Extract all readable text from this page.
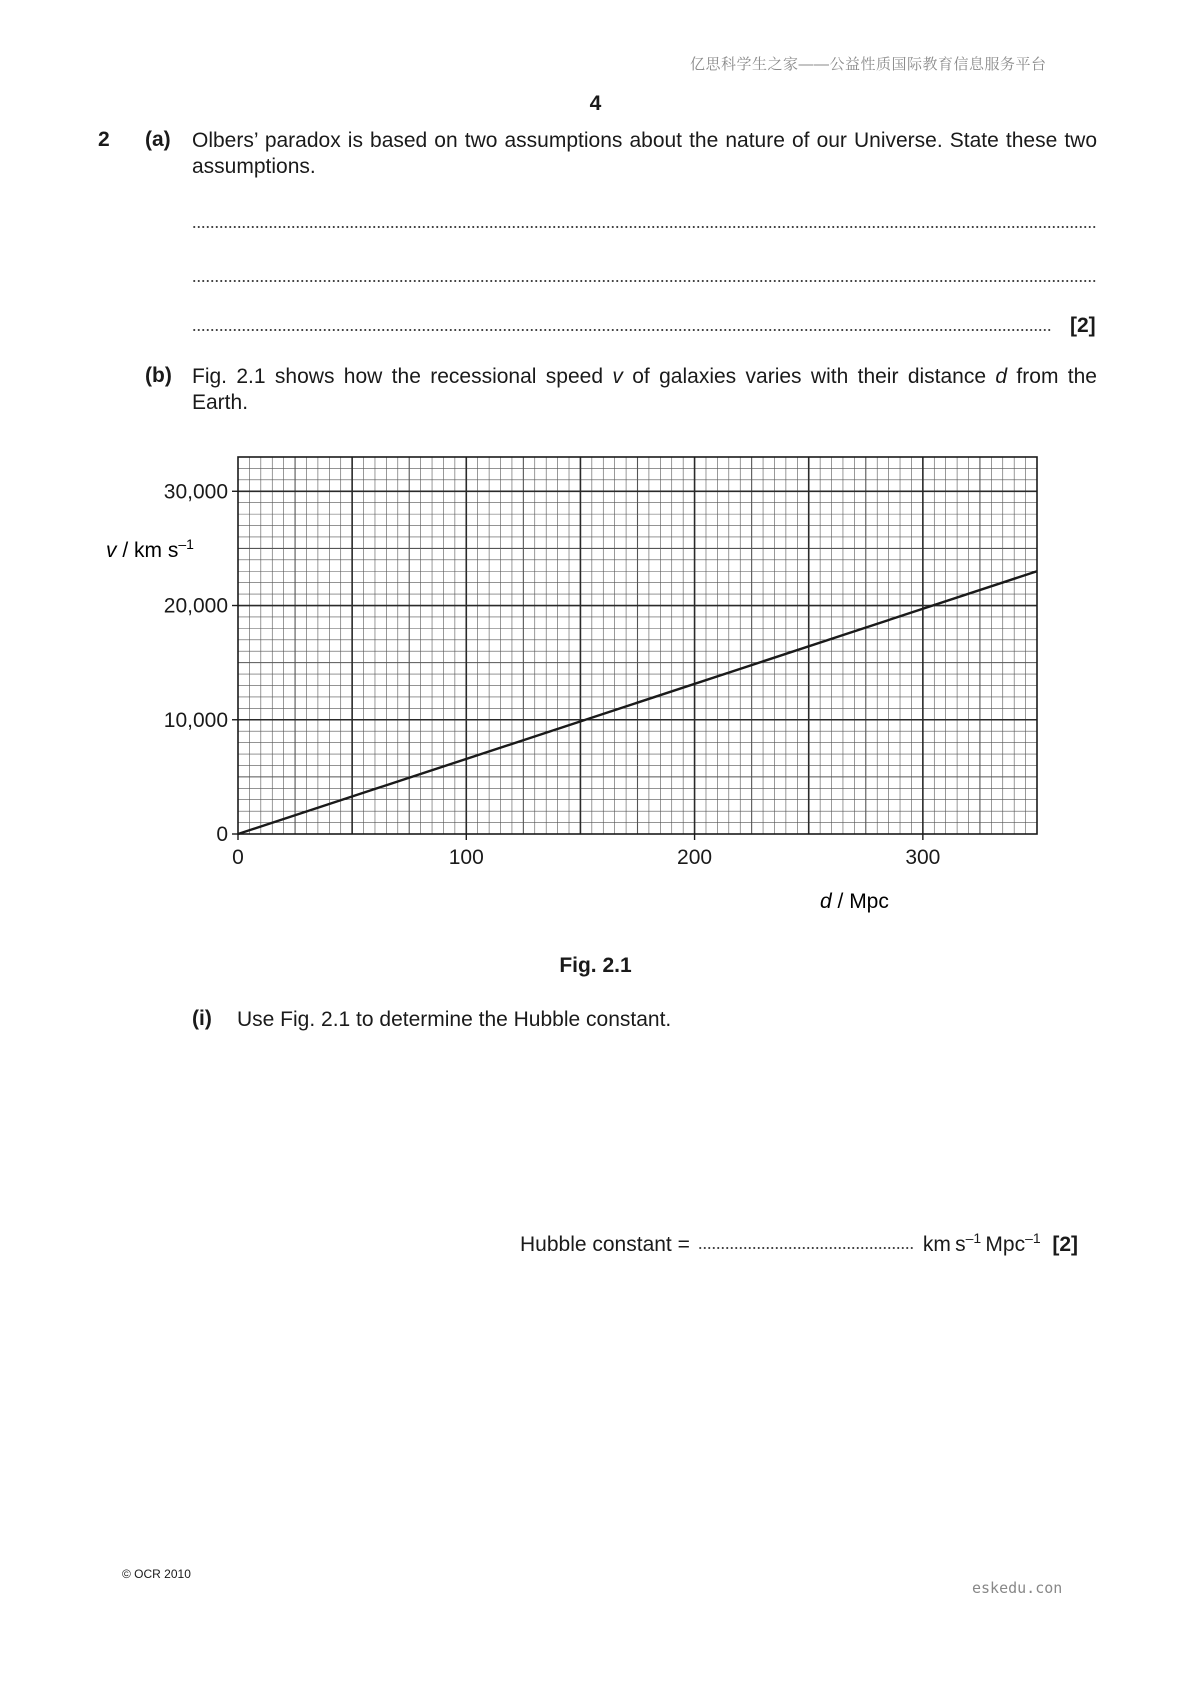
亿思科学生之家——公益性质国际教育信息服务平台
4
2 (a) Olbers’ paradox is based on two assumptions about the nature of our Universe. State these two assumptions.
[2]
(b) Fig. 2.1 shows how the recessional speed v of galaxies varies with their distance d from the Earth.
0	100	200	300
0
10,000
20,000
30,000
v / km $s^{-1}$
d / Mpc
Fig. 2.1
(i) Use Fig. 2.1 to determine the Hubble constant.
Hubble constant =	km  $s^{-1}$  Mpc$^{-1}$ [2]
© OCR 2010
eskedu.con
